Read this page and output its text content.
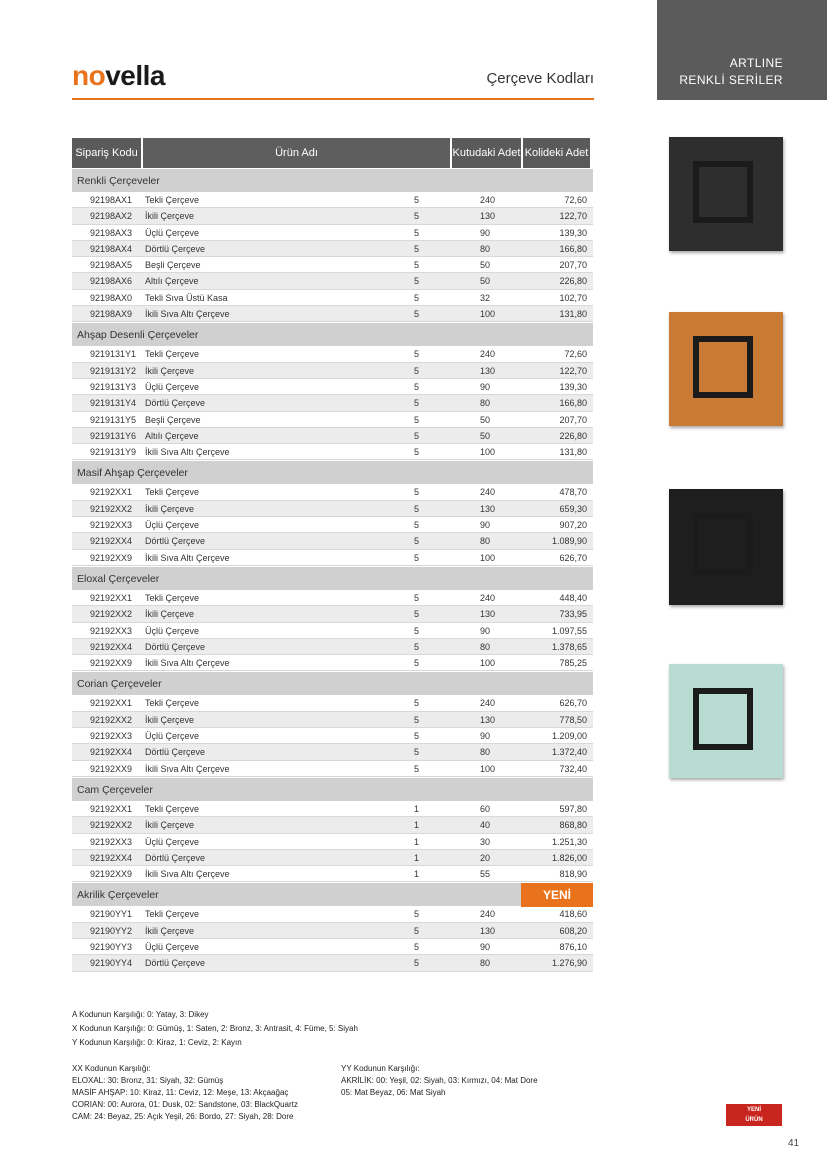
ARTLINE
RENKLİ SERİLER
novella	Çerçeve Kodları
Sipariş Kodu	Ürün Adı	Kutudaki Adet Kolideki Adet
Renkli Çerçeveler
92198AX1 Tekli Çerçeve	5	240	72,60
92198AX2 İkili Çerçeve	5	130	122,70
92198AX3 Üçlü Çerçeve	5	90	139,30
92198AX4 Dörtlü Çerçeve	5	80	166,80
92198AX5 Beşli Çerçeve	5	50	207,70
92198AX6 Altılı Çerçeve	5	50	226,80
92198AX0 Tekli Sıva Üstü Kasa	5	32	102,70
92198AX9 İkili Sıva Altı Çerçeve	5	100	131,80
Ahşap Desenli Çerçeveler
9219131Y1 Tekli Çerçeve	5	240	72,60
9219131Y2 İkili Çerçeve	5	130	122,70
9219131Y3 Üçlü Çerçeve	5	90	139,30
9219131Y4 Dörtlü Çerçeve	5	80	166,80
9219131Y5 Beşli Çerçeve	5	50	207,70
9219131Y6 Altılı Çerçeve	5	50	226,80
9219131Y9 İkili Sıva Altı Çerçeve	5	100	131,80
Masif Ahşap Çerçeveler
92192XX1 Tekli Çerçeve	5	240	478,70
92192XX2 İkili Çerçeve	5	130	659,30
92192XX3 Üçlü Çerçeve	5	90	907,20
92192XX4 Dörtlü Çerçeve	5	80	1.089,90
92192XX9 İkili Sıva Altı Çerçeve	5	100	626,70
Eloxal Çerçeveler
92192XX1 Tekli Çerçeve	5	240	448,40
92192XX2 İkili Çerçeve	5	130	733,95
92192XX3 Üçlü Çerçeve	5	90	1.097,55
92192XX4 Dörtlü Çerçeve	5	80	1.378,65
92192XX9 İkili Sıva Altı Çerçeve	5	100	785,25
Corian Çerçeveler
92192XX1 Tekli Çerçeve	5	240	626,70
92192XX2 İkili Çerçeve	5	130	778,50
92192XX3 Üçlü Çerçeve	5	90	1.209,00
92192XX4 Dörtlü Çerçeve	5	80	1.372,40
92192XX9 İkili Sıva Altı Çerçeve	5	100	732,40
Cam Çerçeveler
92192XX1 Tekli Çerçeve	1	60	597,80
92192XX2 İkili Çerçeve	1	40	868,80
92192XX3 Üçlü Çerçeve	1	30	1.251,30
92192XX4 Dörtlü Çerçeve	1	20	1.826,00
92192XX9 İkili Sıva Altı Çerçeve	1	55	818,90
Akrilik Çerçeveler	YENİ
92190YY1 Tekli Çerçeve	5	240	418,60
92190YY2 İkili Çerçeve	5	130	608,20
92190YY3 Üçlü Çerçeve	5	90	876,10
92190YY4 Dörtlü Çerçeve	5	80	1.276,90
A Kodunun Karşılığı: 0: Yatay, 3: Dikey
X Kodunun Karşılığı: 0: Gümüş, 1: Saten, 2: Bronz, 3: Antrasit, 4: Füme, 5: Siyah
Y Kodunun Karşılığı: 0: Kiraz, 1: Ceviz, 2: Kayın
XX Kodunun Karşılığı:
ELOXAL: 30: Bronz, 31: Siyah, 32: Gümüş
MASİF AHŞAP: 10: Kiraz, 11: Ceviz, 12: Meşe, 13: Akçaağaç
CORIAN: 00: Aurora, 01: Dusk, 02: Sandstone, 03: BlackQuartz
CAM: 24: Beyaz, 25: Açık Yeşil, 26: Bordo, 27: Siyah, 28: Dore
YY Kodunun Karşılığı:
AKRİLİK: 00: Yeşil, 02: Siyah, 03: Kırmızı, 04: Mat Dore
05: Mat Beyaz, 06: Mat Siyah
YENİ
ÜRÜN
41
